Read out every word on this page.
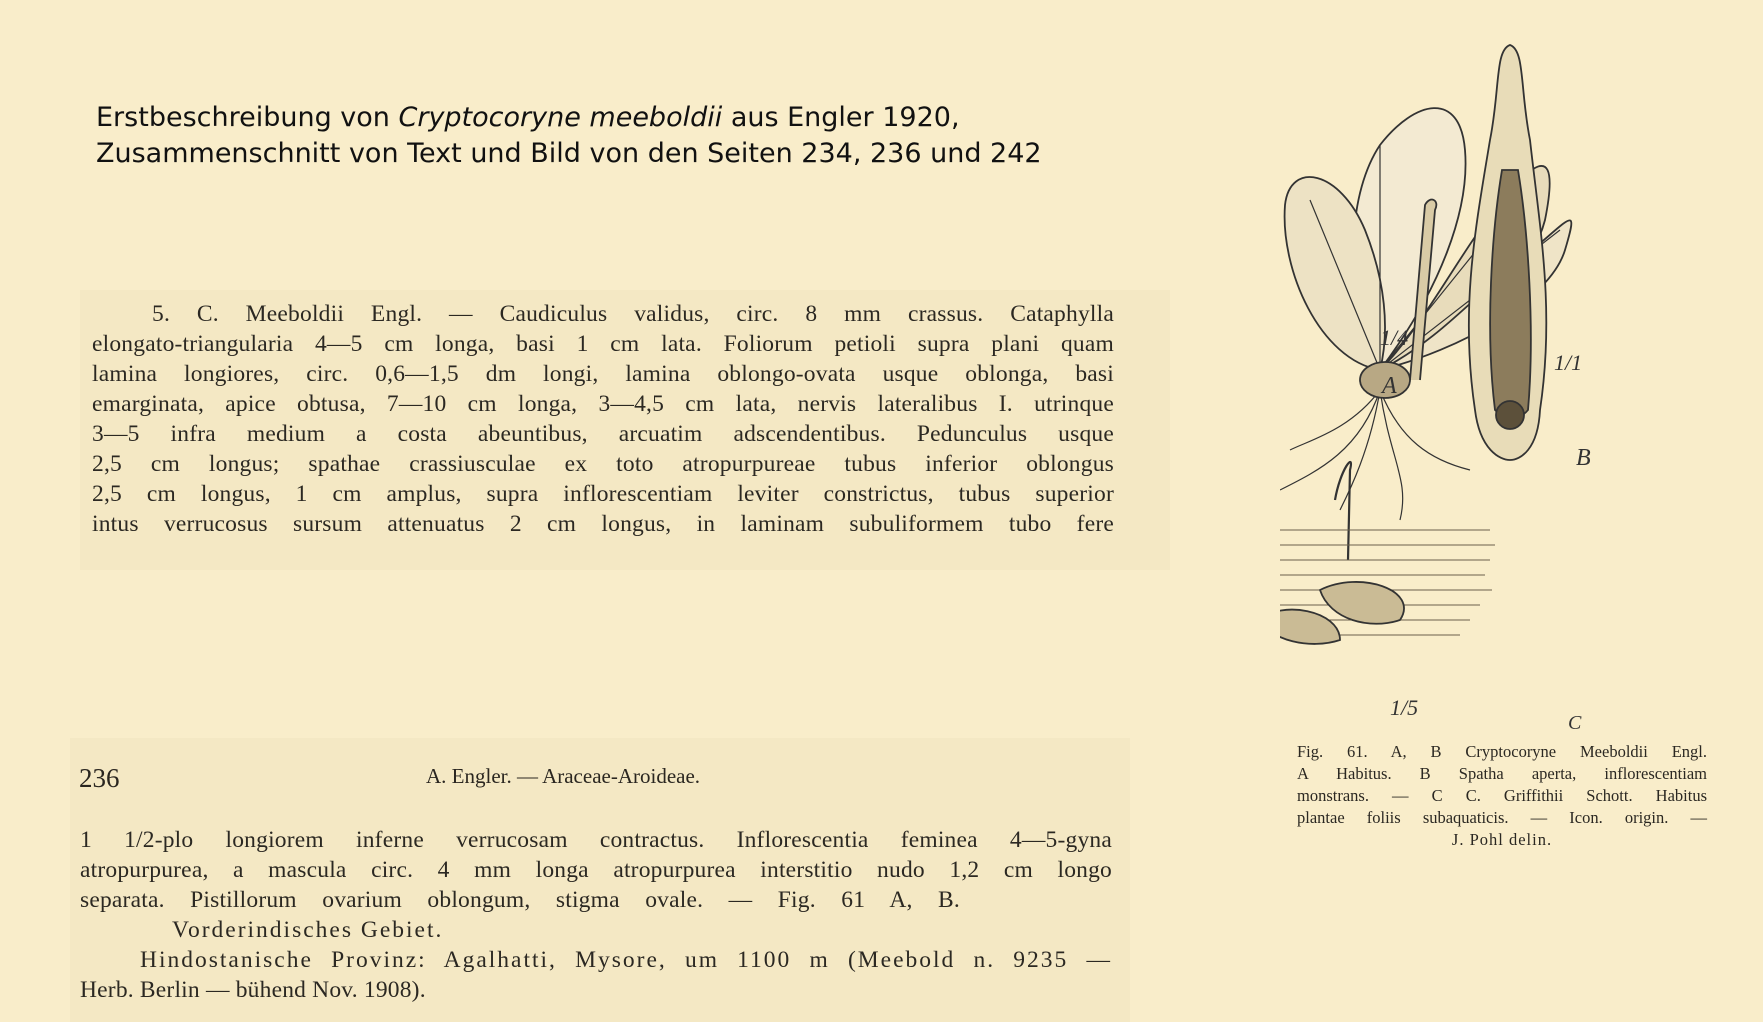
Erstbeschreibung von Cryptocoryne meeboldii aus Engler 1920,
Zusammenschnitt von Text und Bild von den Seiten 234, 236 und 242
5. C. Meeboldii Engl. — Caudiculus validus, circ. 8 mm crassus. Cataphylla
elongato-triangularia 4—5 cm longa, basi 1 cm lata. Foliorum petioli supra plani quam
lamina longiores, circ. 0,6—1,5 dm longi, lamina oblongo-ovata usque oblonga, basi
emarginata, apice obtusa, 7—10 cm longa, 3—4,5 cm lata, nervis lateralibus I. utrinque
3—5 infra medium a costa abeuntibus, arcuatim adscendentibus. Pedunculus usque
2,5 cm longus; spathae crassiusculae ex toto atropurpureae tubus inferior oblongus
2,5 cm longus, 1 cm amplus, supra inflorescentiam leviter constrictus, tubus superior
intus verrucosus sursum attenuatus 2 cm longus, in laminam subuliformem tubo fere
236	A. Engler. — Araceae-Aroideae.
1 1/2-plo longiorem inferne verrucosam contractus. Inflorescentia feminea 4—5-gyna
atropurpurea, a mascula circ. 4 mm longa atropurpurea interstitio nudo 1,2 cm longo
separata. Pistillorum ovarium oblongum, stigma ovale. — Fig. 61 A, B.
Vorderindisches Gebiet.
Hindostanische Provinz: Agalhatti, Mysore, um 1100 m (Meebold n. 9235 —
Herb. Berlin — bühend Nov. 1908).
1/4
A
1/1
B
1/5
C
Fig. 61. A, B Cryptocoryne Meeboldii Engl.
A Habitus. B Spatha aperta, inflorescentiam
monstrans. — C C. Griffithii Schott. Habitus
plantae foliis subaquaticis. — Icon. origin. —
J. Pohl delin.
